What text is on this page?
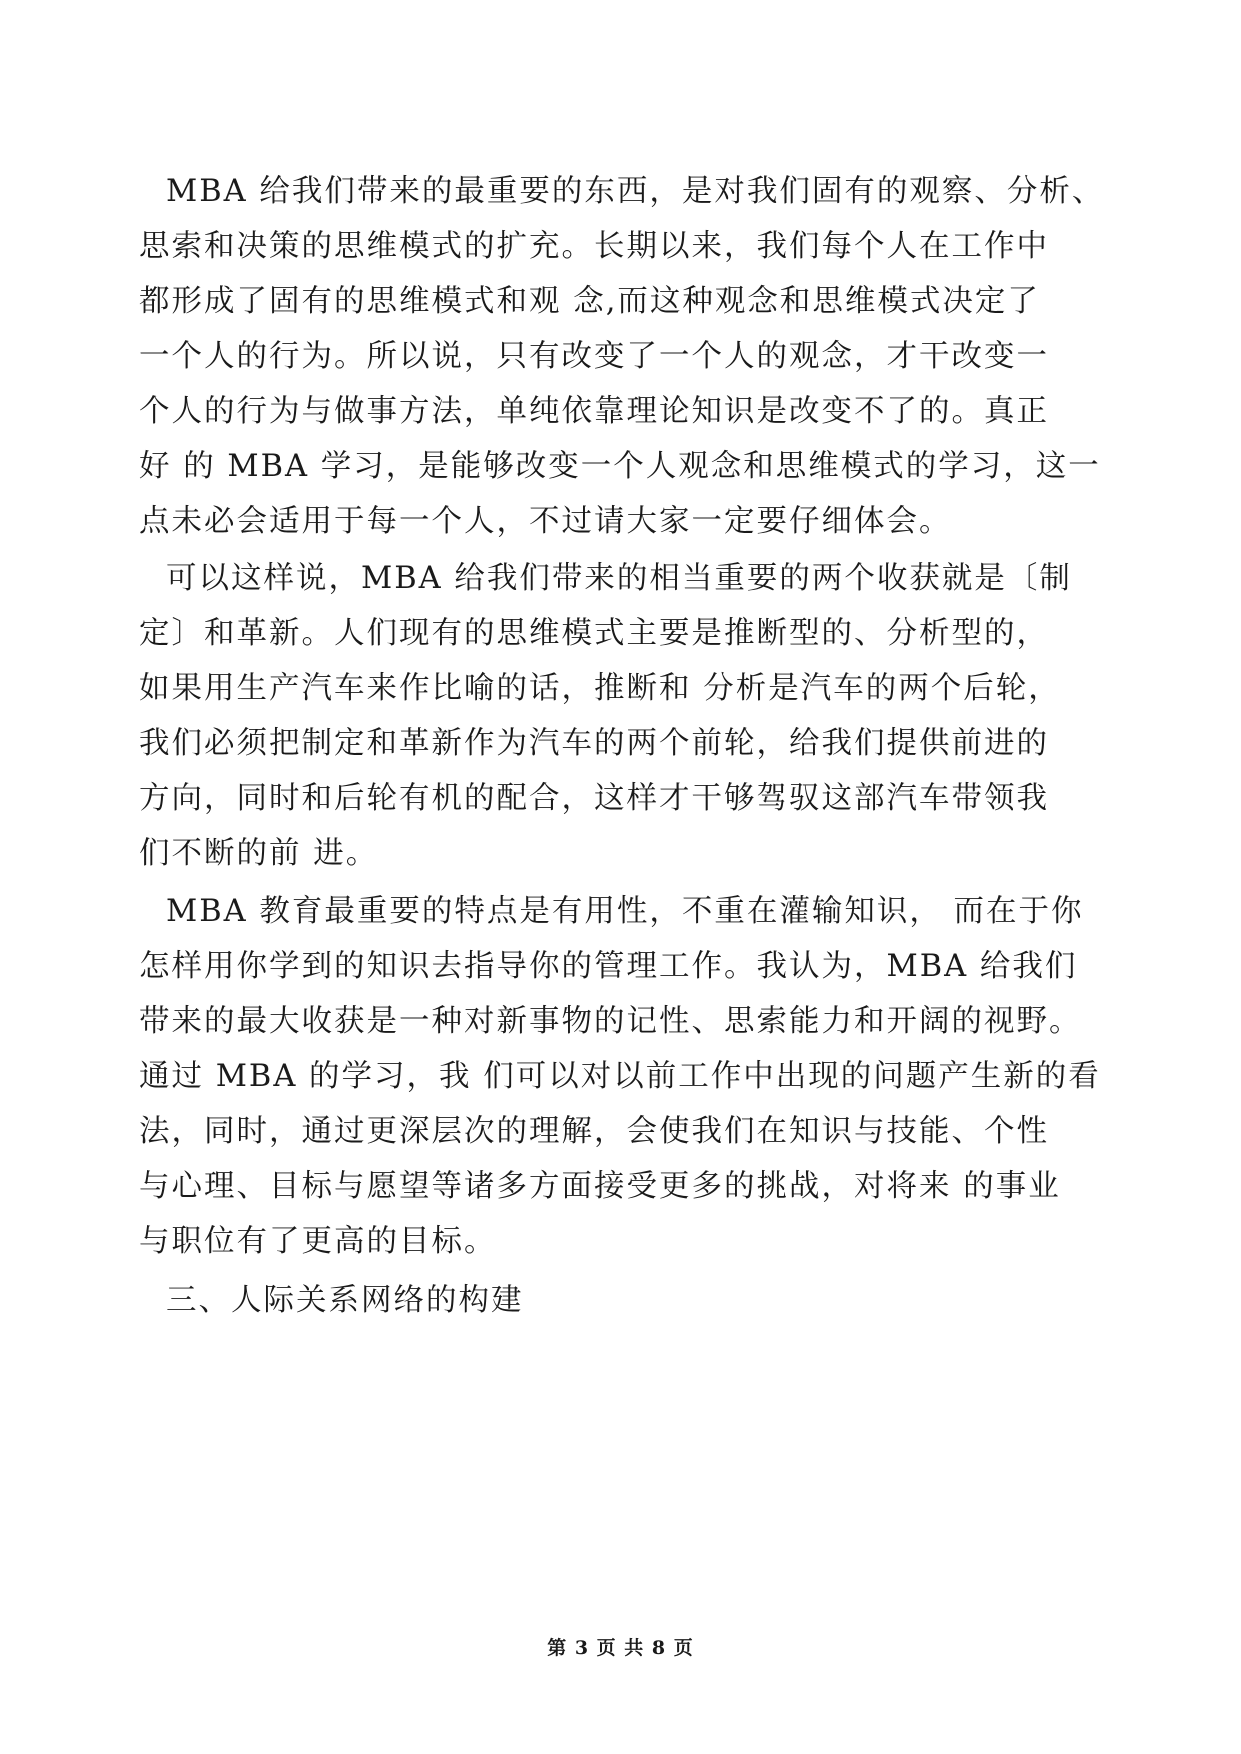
MBA 给我们带来的最重要的东西，是对我们固有的观察、分析、
思索和决策的思维模式的扩充。长期以来，我们每个人在工作中
都形成了固有的思维模式和观 念,而这种观念和思维模式决定了
一个人的行为。所以说，只有改变了一个人的观念，才干改变一
个人的行为与做事方法，单纯依靠理论知识是改变不了的。真正
好 的 MBA 学习，是能够改变一个人观念和思维模式的学习，这一
点未必会适用于每一个人，不过请大家一定要仔细体会。
可以这样说，MBA 给我们带来的相当重要的两个收获就是〔制
定〕和革新。人们现有的思维模式主要是推断型的、分析型的，
如果用生产汽车来作比喻的话，推断和 分析是汽车的两个后轮，
我们必须把制定和革新作为汽车的两个前轮，给我们提供前进的
方向，同时和后轮有机的配合，这样才干够驾驭这部汽车带领我
们不断的前 进。
MBA 教育最重要的特点是有用性，不重在灌输知识， 而在于你
怎样用你学到的知识去指导你的管理工作。我认为，MBA 给我们
带来的最大收获是一种对新事物的记性、思索能力和开阔的视野。
通过 MBA 的学习，我 们可以对以前工作中出现的问题产生新的看
法，同时，通过更深层次的理解，会使我们在知识与技能、个性
与心理、目标与愿望等诸多方面接受更多的挑战，对将来 的事业
与职位有了更高的目标。
三、人际关系网络的构建
第 3 页 共 8 页
